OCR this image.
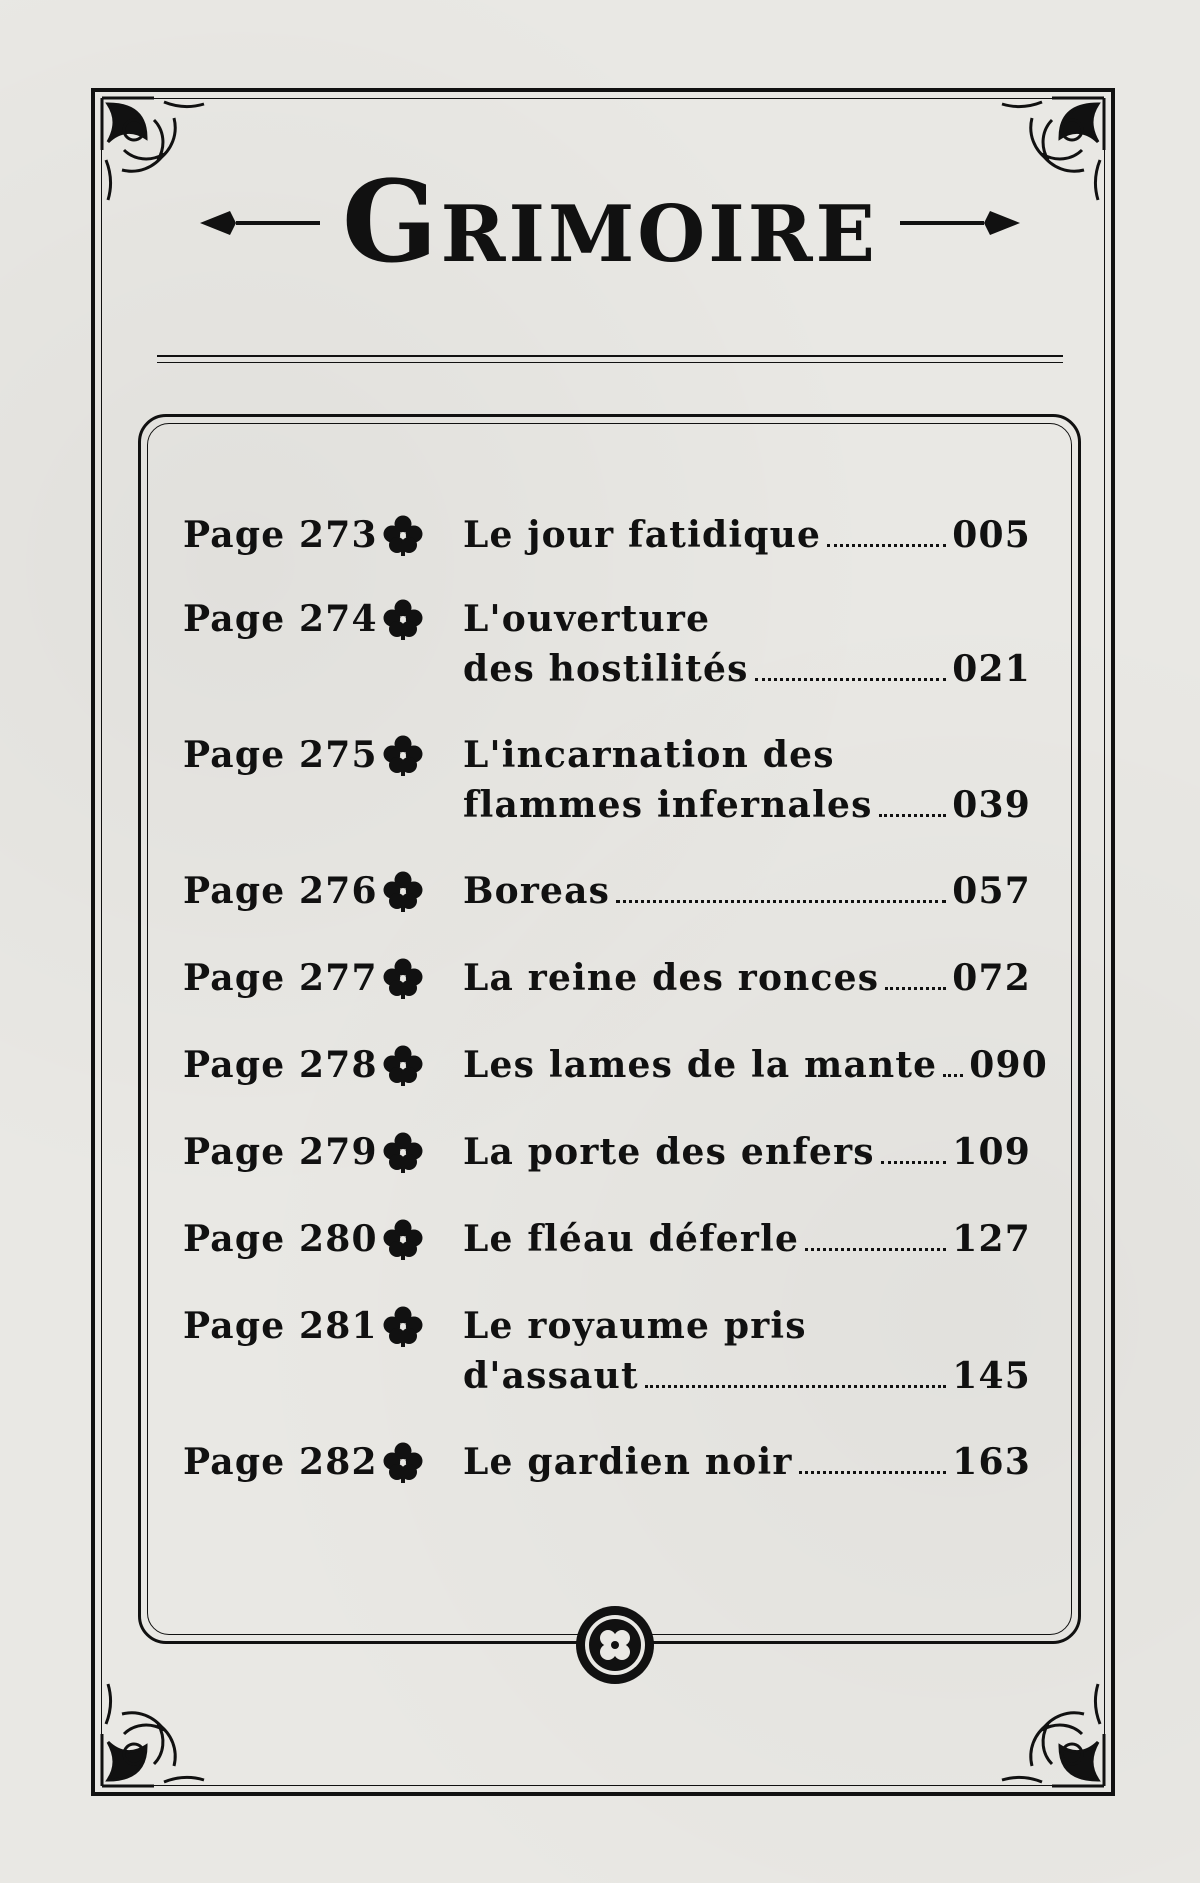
Grimoire
Page 273 Le jour fatidique	005
Page 274 L'ouverture
des hostilités	021
Page 275 L'incarnation des
flammes infernales 039
Page 276 Boreas	057
Page 277 La reine des ronces 072
Page 278 Les lames de la mante 090
Page 279 La porte des enfers 109
Page 280 Le fléau déferle	127
Page 281 Le royaume pris
d'assaut	145
Page 282 Le gardien noir	163
